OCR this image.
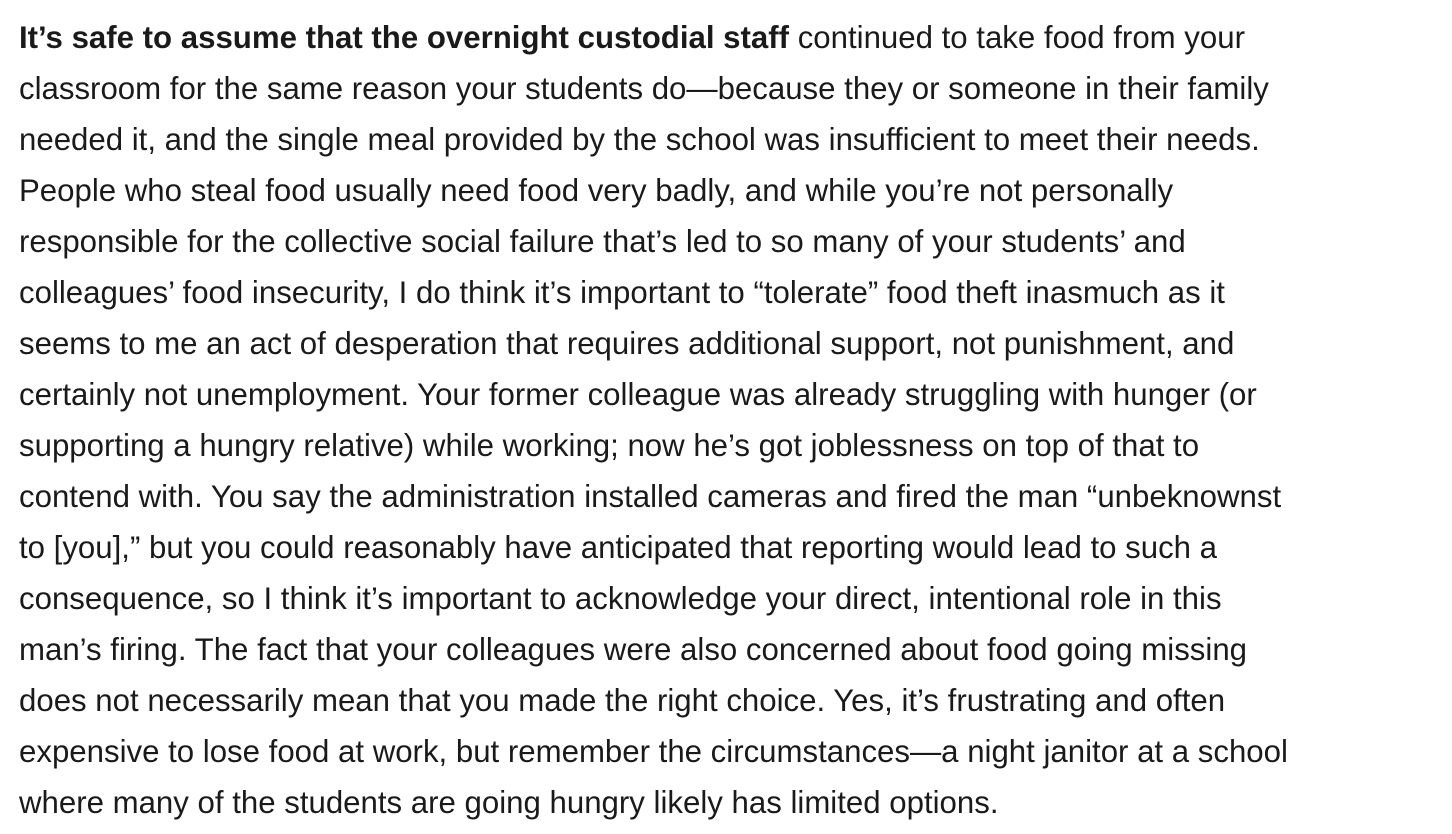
It’s safe to assume that the overnight custodial staff continued to take food from your
classroom for the same reason your students do—because they or someone in their family
needed it, and the single meal provided by the school was insufficient to meet their needs.
People who steal food usually need food very badly, and while you’re not personally
responsible for the collective social failure that’s led to so many of your students’ and
colleagues’ food insecurity, I do think it’s important to “tolerate” food theft inasmuch as it
seems to me an act of desperation that requires additional support, not punishment, and
certainly not unemployment. Your former colleague was already struggling with hunger (or
supporting a hungry relative) while working; now he’s got joblessness on top of that to
contend with. You say the administration installed cameras and fired the man “unbeknownst
to [you],” but you could reasonably have anticipated that reporting would lead to such a
consequence, so I think it’s important to acknowledge your direct, intentional role in this
man’s firing. The fact that your colleagues were also concerned about food going missing
does not necessarily mean that you made the right choice. Yes, it’s frustrating and often
expensive to lose food at work, but remember the circumstances—a night janitor at a school
where many of the students are going hungry likely has limited options.
